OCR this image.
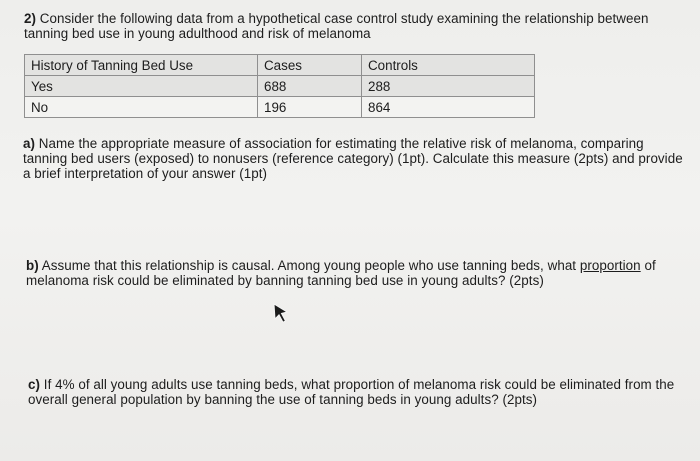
2) Consider the following data from a hypothetical case control study examining the relationship between
tanning bed use in young adulthood and risk of melanoma
History of Tanning Bed Use	Cases	Controls
Yes	688	288
No	196	864
a) Name the appropriate measure of association for estimating the relative risk of melanoma, comparing
tanning bed users (exposed) to nonusers (reference category) (1pt). Calculate this measure (2pts) and provide
a brief interpretation of your answer (1pt)
b) Assume that this relationship is causal. Among young people who use tanning beds, what proportion of
melanoma risk could be eliminated by banning tanning bed use in young adults? (2pts)
c) If 4% of all young adults use tanning beds, what proportion of melanoma risk could be eliminated from the
overall general population by banning the use of tanning beds in young adults? (2pts)
